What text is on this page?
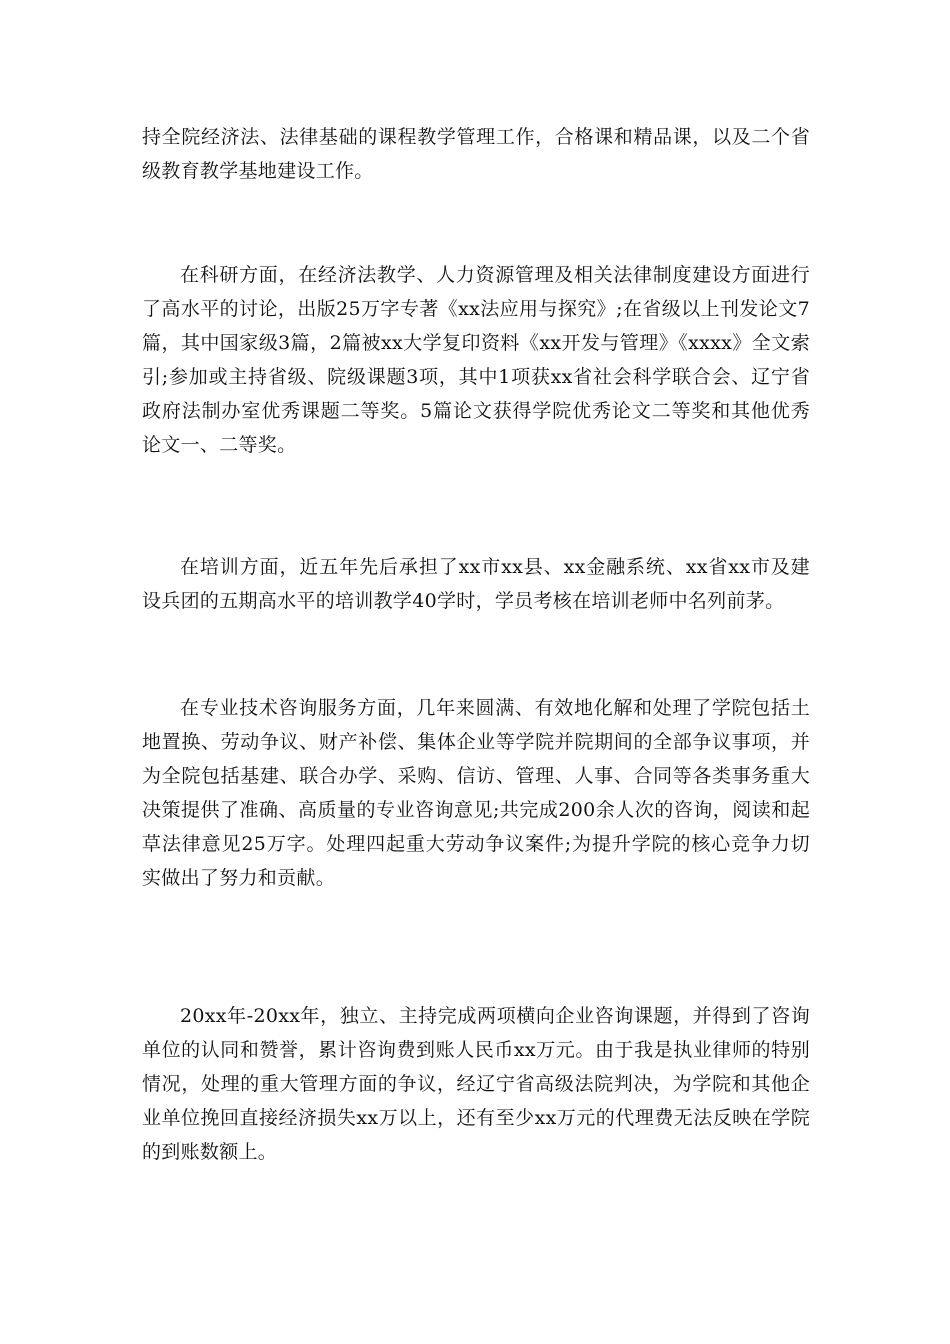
持全院经济法、法律基础的课程教学管理工作，合格课和精品课，以及二个省级教育教学基地建设工作。

在科研方面，在经济法教学、人力资源管理及相关法律制度建设方面进行了高水平的讨论，出版25万字专著《xx法应用与探究》;在省级以上刊发论文7篇，其中国家级3篇，2篇被xx大学复印资料《xx开发与管理》《xxxx》全文索引;参加或主持省级、院级课题3项，其中1项获xx省社会科学联合会、辽宁省政府法制办室优秀课题二等奖。5篇论文获得学院优秀论文二等奖和其他优秀论文一、二等奖。

在培训方面，近五年先后承担了xx市xx县、xx金融系统、xx省xx市及建设兵团的五期高水平的培训教学40学时，学员考核在培训老师中名列前茅。

在专业技术咨询服务方面，几年来圆满、有效地化解和处理了学院包括土地置换、劳动争议、财产补偿、集体企业等学院并院期间的全部争议事项，并为全院包括基建、联合办学、采购、信访、管理、人事、合同等各类事务重大决策提供了准确、高质量的专业咨询意见;共完成200余人次的咨询，阅读和起草法律意见25万字。处理四起重大劳动争议案件;为提升学院的核心竞争力切实做出了努力和贡献。

20xx年-20xx年，独立、主持完成两项横向企业咨询课题，并得到了咨询单位的认同和赞誉，累计咨询费到账人民币xx万元。由于我是执业律师的特别情况，处理的重大管理方面的争议，经辽宁省高级法院判决，为学院和其他企业单位挽回直接经济损失xx万以上，还有至少xx万元的代理费无法反映在学院的到账数额上。
